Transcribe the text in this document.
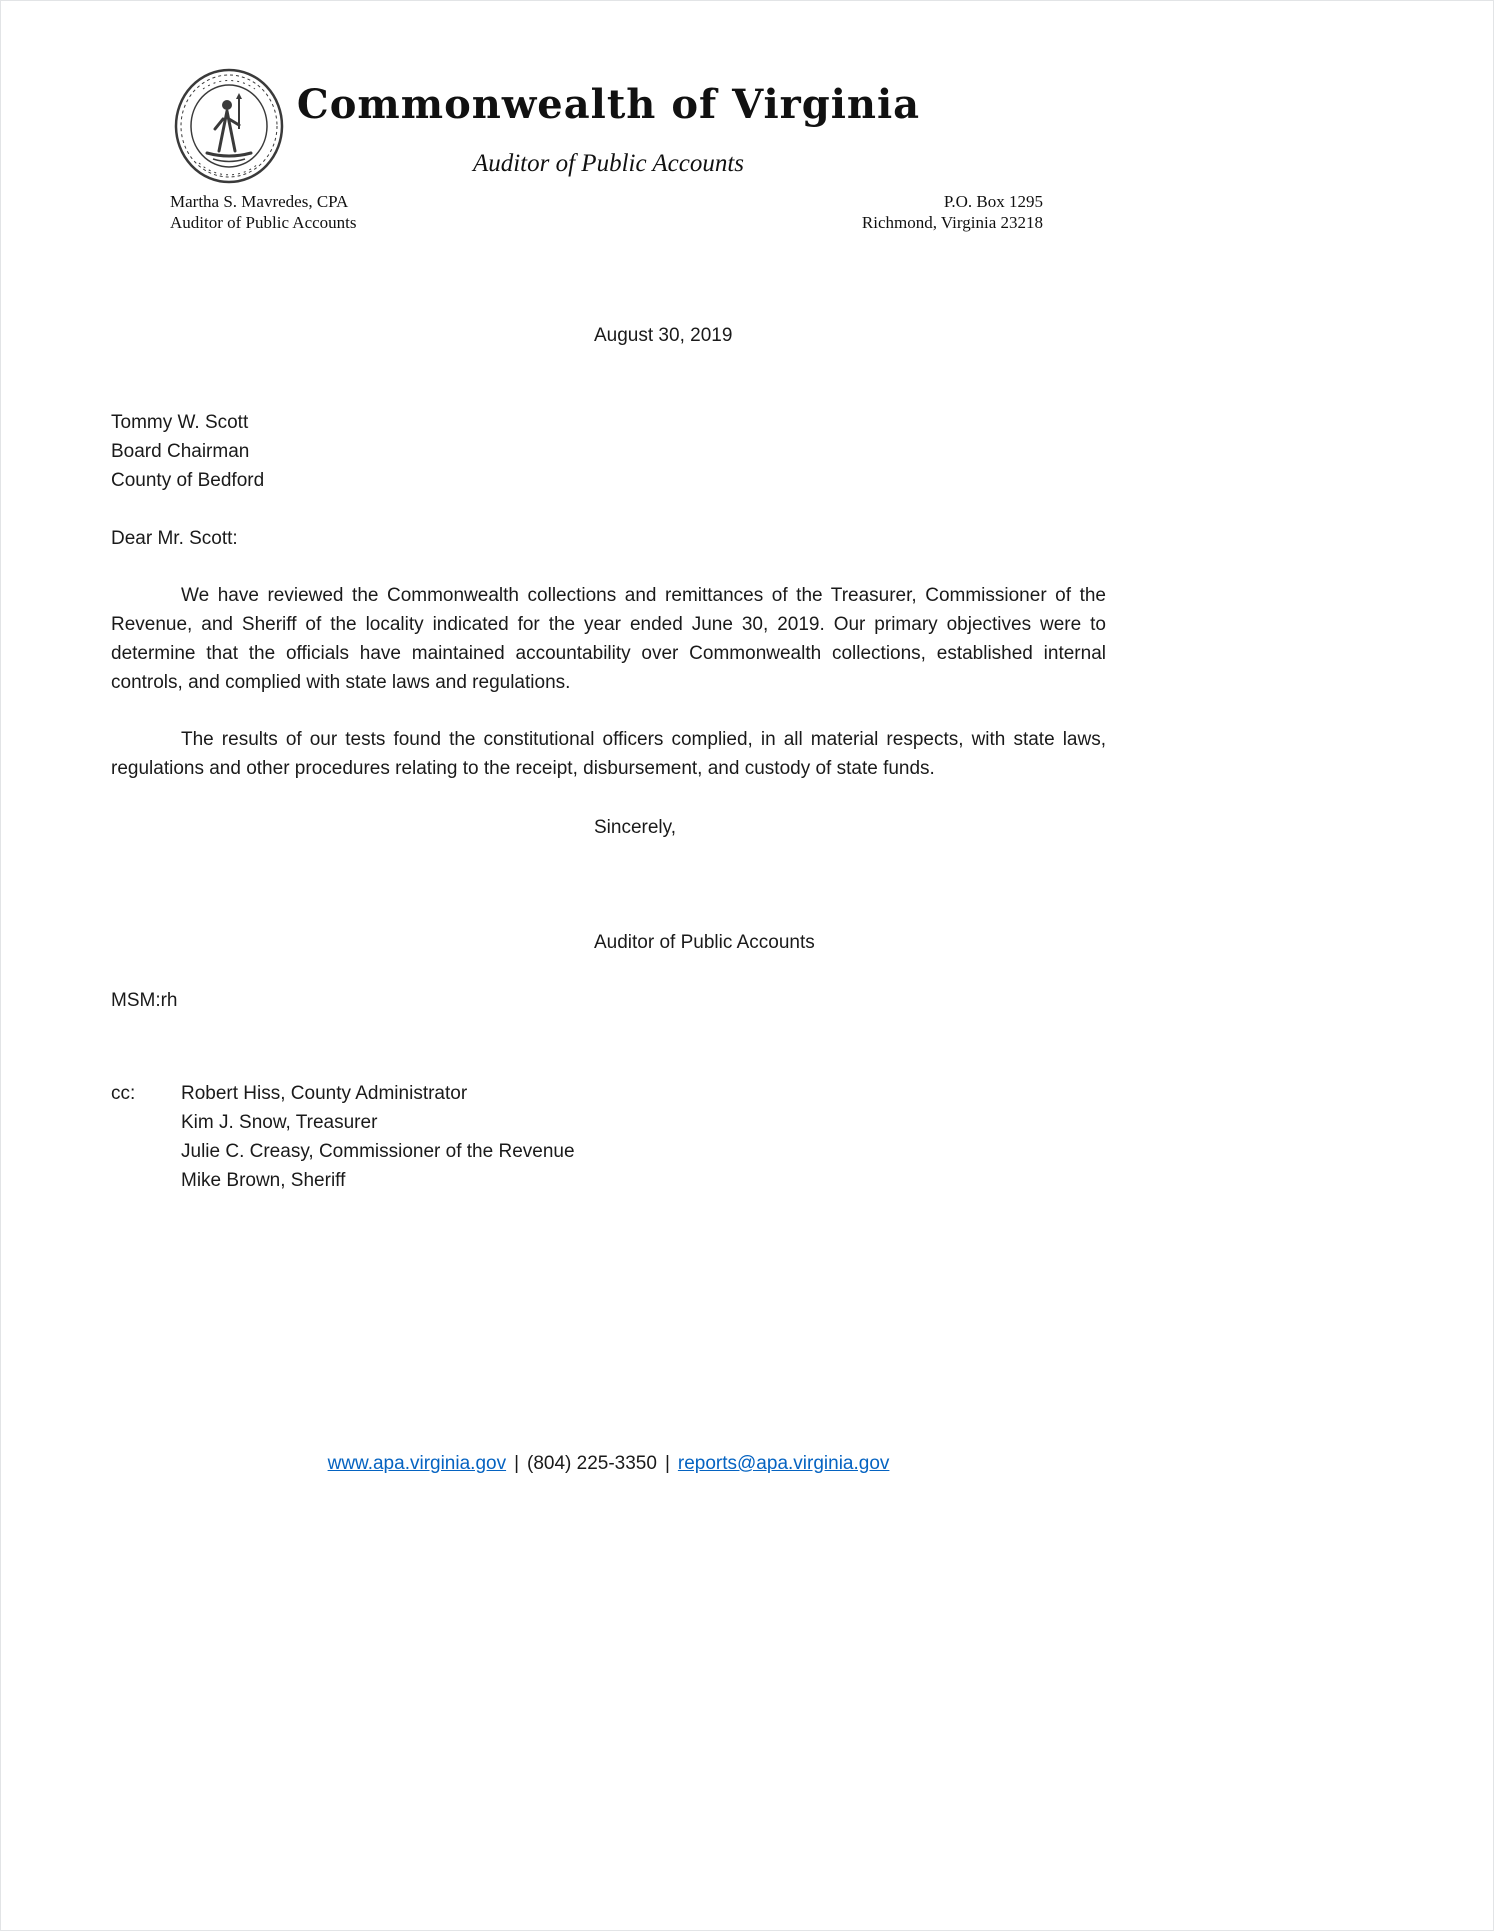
Commonwealth of Virginia
Auditor of Public Accounts
Martha S. Mavredes, CPA
Auditor of Public Accounts
P.O. Box 1295
Richmond, Virginia 23218
August 30, 2019
Tommy W. Scott
Board Chairman
County of Bedford
Dear Mr. Scott:

We have reviewed the Commonwealth collections and remittances of the Treasurer, Commissioner of the Revenue, and Sheriff of the locality indicated for the year ended June 30, 2019. Our primary objectives were to determine that the officials have maintained accountability over Commonwealth collections, established internal controls, and complied with state laws and regulations.

The results of our tests found the constitutional officers complied, in all material respects, with state laws, regulations and other procedures relating to the receipt, disbursement, and custody of state funds.

Sincerely,
Auditor of Public Accounts
MSM:rh
cc:	Robert Hiss, County Administrator
Kim J. Snow, Treasurer
Julie C. Creasy, Commissioner of the Revenue
Mike Brown, Sheriff
www.apa.virginia.gov | (804) 225-3350 | reports@apa.virginia.gov
